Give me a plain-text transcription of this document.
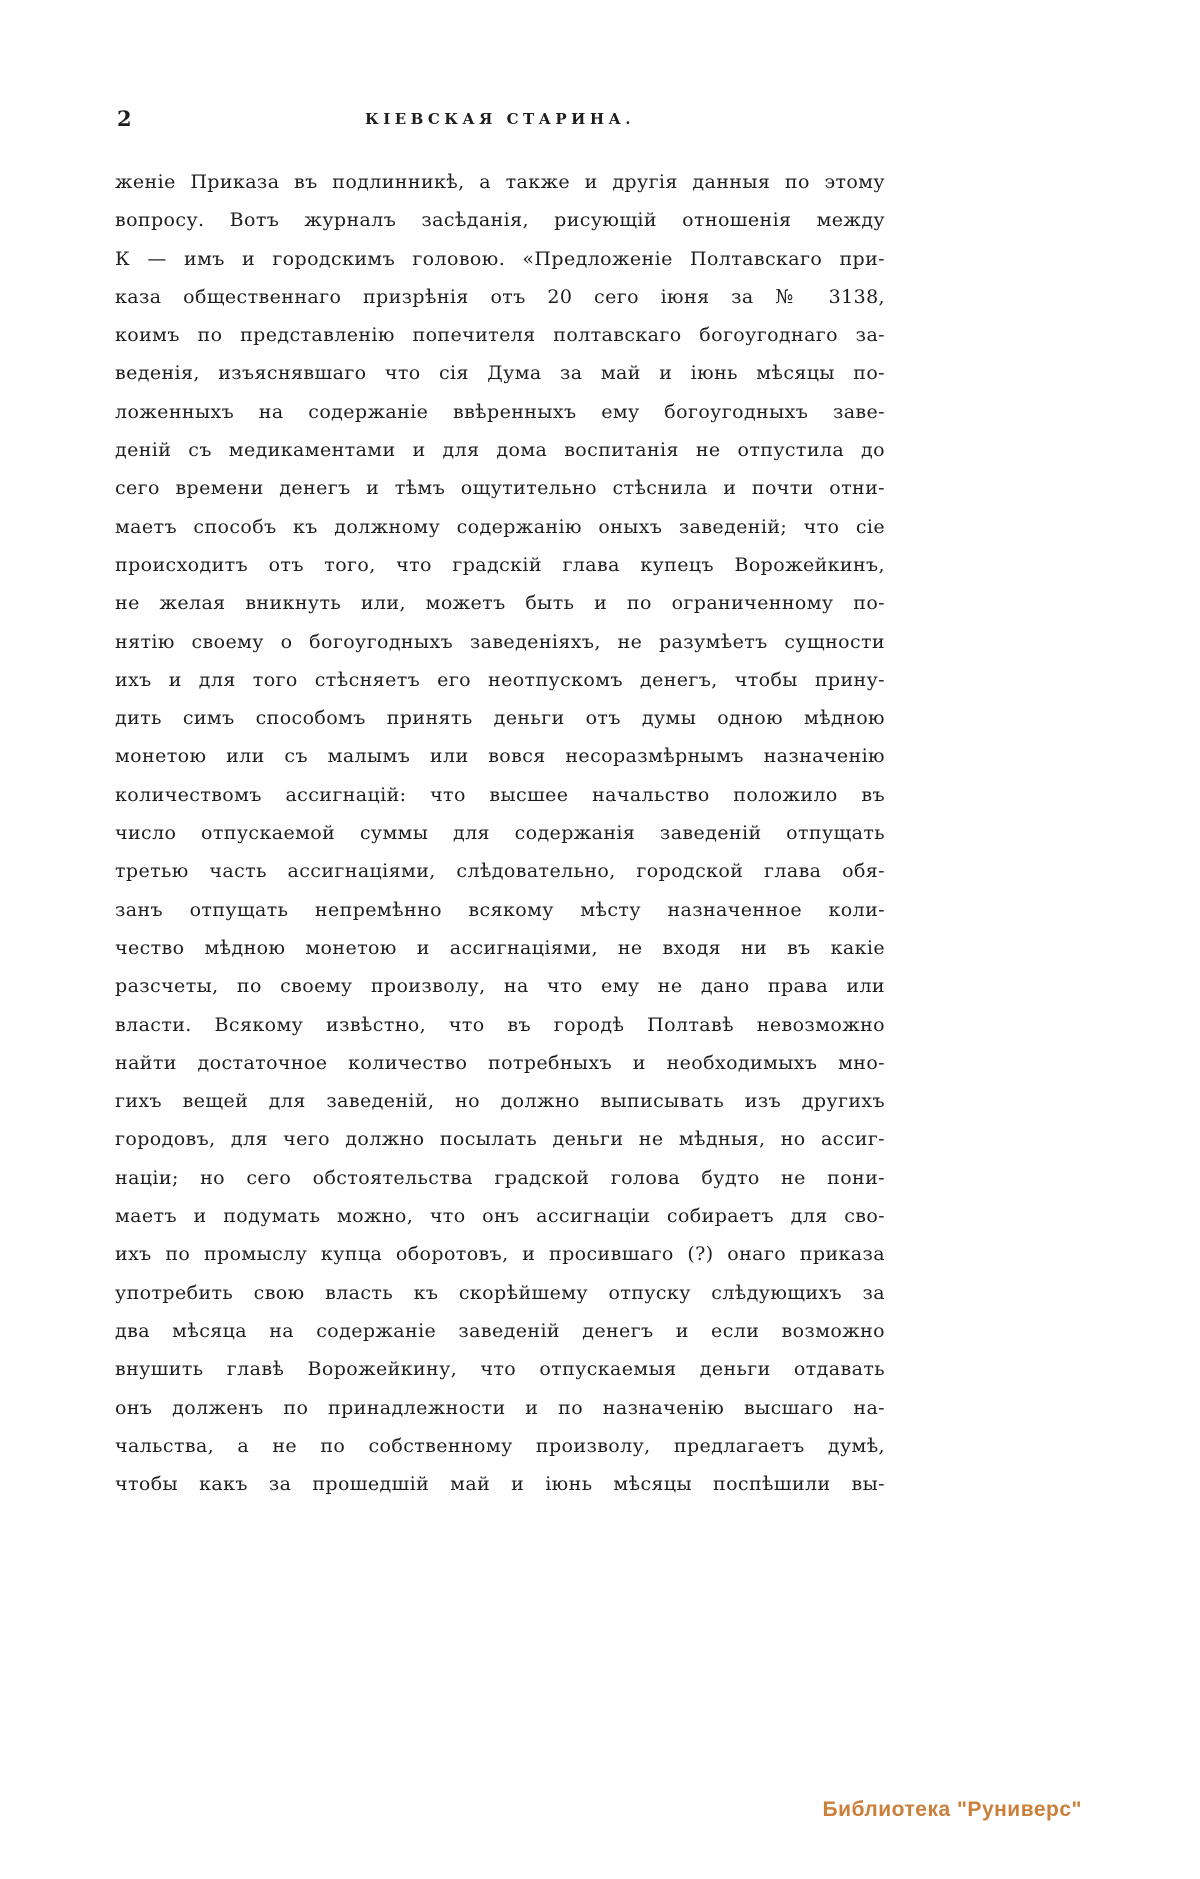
2	КІЕВСКАЯ СТАРИНА.
женіе Приказа въ подлинникѣ, а также и другія данныя по этому
вопросу. Вотъ журналъ засѣданія, рисующій отношенія между
К — имъ и городскимъ головою. «Предложеніе Полтавскаго при-
каза общественнаго призрѣнія отъ 20 сего іюня за № 3138,
коимъ по представленію попечителя полтавскаго богоугоднаго за-
веденія, изъяснявшаго что сія Дума за май и іюнь мѣсяцы по-
ложенныхъ на содержаніе ввѣренныхъ ему богоугодныхъ заве-
деній съ медикаментами и для дома воспитанія не отпустила до
сего времени денегъ и тѣмъ ощутительно стѣснила и почти отни-
маетъ способъ къ должному содержанію оныхъ заведеній; что сіе
происходитъ отъ того, что градскій глава купецъ Ворожейкинъ,
не желая вникнуть или, можетъ быть и по ограниченному по-
нятію своему о богоугодныхъ заведеніяхъ, не разумѣетъ сущности
ихъ и для того стѣсняетъ его неотпускомъ денегъ, чтобы прину-
дить симъ способомъ принять деньги отъ думы одною мѣдною
монетою или съ малымъ или вовся несоразмѣрнымъ назначенію
количествомъ ассигнацій: что высшее начальство положило въ
число отпускаемой суммы для содержанія заведеній отпущать
третью часть ассигнаціями, слѣдовательно, городской глава обя-
занъ отпущать непремѣнно всякому мѣсту назначенное коли-
чество мѣдною монетою и ассигнаціями, не входя ни въ какіе
разсчеты, по своему произволу, на что ему не дано права или
власти. Всякому извѣстно, что въ городѣ Полтавѣ невозможно
найти достаточное количество потребныхъ и необходимыхъ мно-
гихъ вещей для заведеній, но должно выписывать изъ другихъ
городовъ, для чего должно посылать деньги не мѣдныя, но ассиг-
націи; но сего обстоятельства градской голова будто не пони-
маетъ и подумать можно, что онъ ассигнаціи собираетъ для сво-
ихъ по промыслу купца оборотовъ, и просившаго (?) онаго приказа
употребить свою власть къ скорѣйшему отпуску слѣдующихъ за
два мѣсяца на содержаніе заведеній денегъ и если возможно
внушить главѣ Ворожейкину, что отпускаемыя деньги отдавать
онъ долженъ по принадлежности и по назначенію высшаго на-
чальства, а не по собственному произволу, предлагаетъ думѣ,
чтобы какъ за прошедшій май и іюнь мѣсяцы поспѣшили вы-
Библиотека "Руниверс"
